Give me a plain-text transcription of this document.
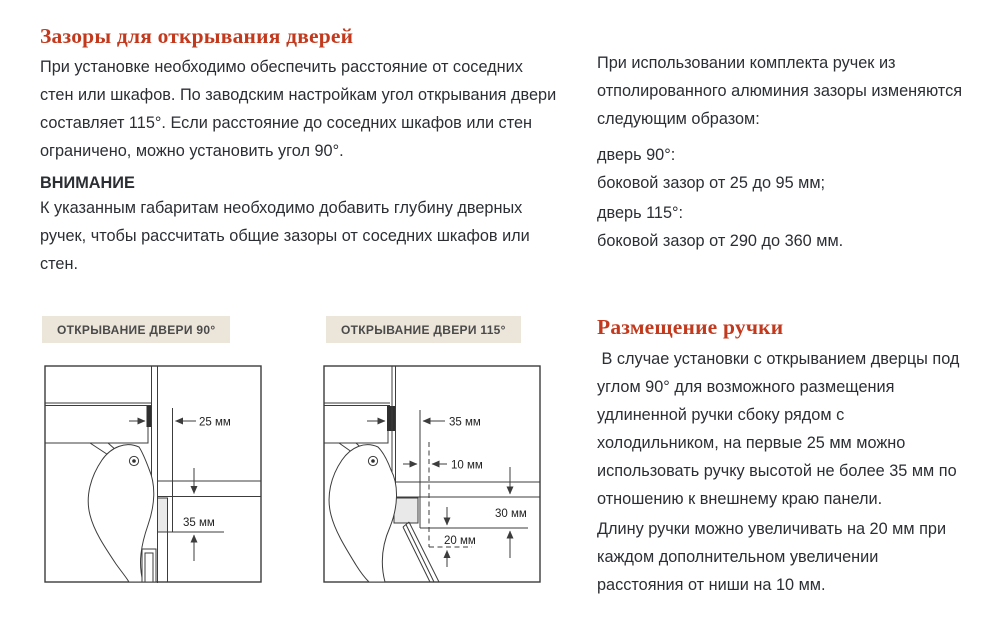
Зазоры для открывания дверей
При установке необходимо обеспечить расстояние от соседних стен или шкафов. По заводским настройкам угол открывания двери составляет 115°. Если расстояние до соседних шкафов или стен ограничено, можно установить угол 90°.
ВНИМАНИЕ
К указанным габаритам необходимо добавить глубину дверных ручек, чтобы рассчитать общие зазоры от соседних шкафов или стен.
ОТКРЫВАНИЕ ДВЕРИ 90°	ОТКРЫВАНИЕ ДВЕРИ 115°
25 мм
35 мм
35 мм
10 мм
30 мм
20 мм
При использовании комплекта ручек из отполированного алюминия зазоры изменяются следующим образом:
дверь 90°:
боковой зазор от 25 до 95 мм;
дверь 115°:
боковой зазор от 290 до 360 мм.
Размещение ручки
В случае установки с открыванием дверцы под углом 90° для возможного размещения удлиненной ручки сбоку рядом с холодильником, на первые 25 мм можно использовать ручку высотой не более 35 мм по отношению к внешнему краю панели.
Длину ручки можно увеличивать на 20 мм при каждом дополнительном увеличении расстояния от ниши на 10 мм.
